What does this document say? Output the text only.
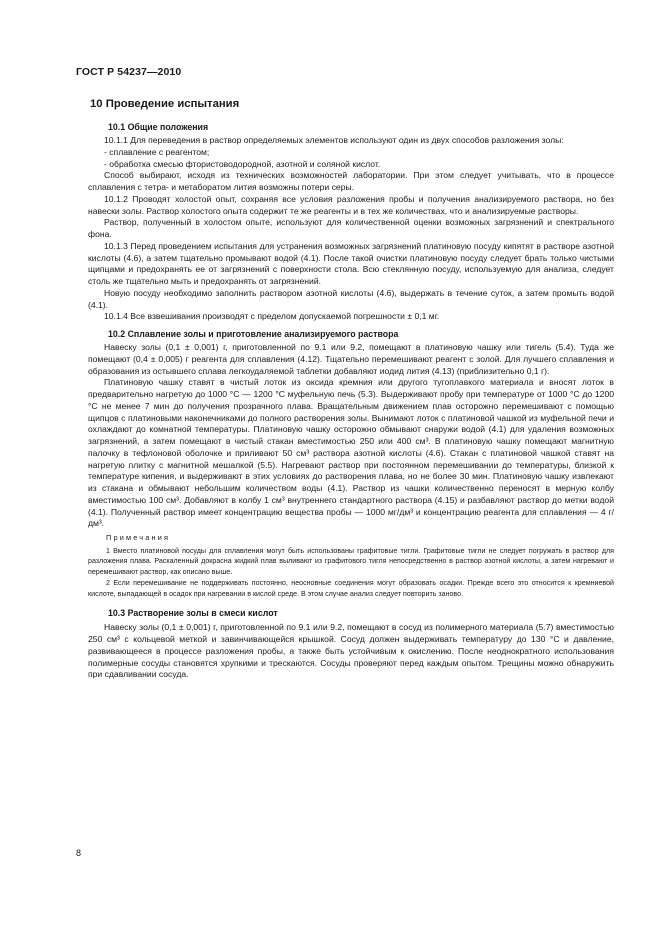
ГОСТ Р 54237—2010
10 Проведение испытания
10.1 Общие положения

10.1.1 Для переведения в раствор определяемых элементов используют один из двух способов разложения золы:

- сплавление с реагентом;

- обработка смесью фтористоводородной, азотной и соляной кислот.

Способ выбирают, исходя из технических возможностей лаборатории. При этом следует учитывать, что в процессе сплавления с тетра- и метаборатом лития возможны потери серы.

10.1.2 Проводят холостой опыт, сохраняя все условия разложения пробы и получения анализируемого раствора, но без навески золы. Раствор холостого опыта содержит те же реагенты и в тех же количествах, что и анализируемые растворы.

Раствор, полученный в холостом опыте, используют для количественной оценки возможных загрязнений и спектрального фона.

10.1.3 Перед проведением испытания для устранения возможных загрязнений платиновую посуду кипятят в растворе азотной кислоты (4.6), а затем тщательно промывают водой (4.1). После такой очистки платиновую посуду следует брать только чистыми щипцами и предохранять ее от загрязнений с поверхности стола. Всю стеклянную посуду, используемую для анализа, следует столь же тщательно мыть и предохранять от загрязнений.

Новую посуду необходимо заполнить раствором азотной кислоты (4.6), выдержать в течение суток, а затем промыть водой (4.1).

10.1.4 Все взвешивания производят с пределом допускаемой погрешности ± 0,1 мг.

10.2 Сплавление золы и приготовление анализируемого раствора

Навеску золы (0,1 ± 0,001) г, приготовленной по 9.1 или 9.2, помещают в платиновую чашку или тигель (5.4). Туда же помещают (0,4 ± 0,005) г реагента для сплавления (4.12). Тщательно перемешивают реагент с золой. Для лучшего сплавления и образования из остывшего сплава легкоудаляемой таблетки добавляют иодид лития (4.13) (приблизительно 0,1 г).

Платиновую чашку ставят в чистый лоток из оксида кремния или другого тугоплавкого материала и вносят лоток в предварительно нагретую до 1000 °С — 1200 °С муфельную печь (5.3). Выдерживают пробу при температуре от 1000 °С до 1200 °С не менее 7 мин до получения прозрачного плава. Вращательным движением плав осторожно перемешивают с помощью щипцов с платиновыми наконечниками до полного растворения золы. Вынимают лоток с платиновой чашкой из муфельной печи и охлаждают до комнатной температуры. Платиновую чашку осторожно обмывают снаружи водой (4.1) для удаления возможных загрязнений, а затем помещают в чистый стакан вместимостью 250 или 400 см³. В платиновую чашку помещают магнитную палочку в тефлоновой оболочке и приливают 50 см³ раствора азотной кислоты (4.6). Стакан с платиновой чашкой ставят на нагретую плитку с магнитной мешалкой (5.5). Нагревают раствор при постоянном перемешивании до температуры, близкой к температуре кипения, и выдерживают в этих условиях до растворения плава, но не более 30 мин. Платиновую чашку извлекают из стакана и обмывают небольшим количеством воды (4.1). Раствор из чашки количественно переносят в мерную колбу вместимостью 100 см³. Добавляют в колбу 1 см³ внутреннего стандартного раствора (4.15) и разбавляют раствор до метки водой (4.1). Полученный раствор имеет концентрацию вещества пробы — 1000 мг/дм³ и концентрацию реагента для сплавления — 4 г/дм³.

Примечания

1 Вместо платиновой посуды для сплавления могут быть использованы графитовые тигли. Графитовые тигли не следует погружать в раствор для разложения плава. Раскаленный докрасна жидкий плав выливают из графитового тигля непосредственно в раствор азотной кислоты, а затем нагревают и перемешивают раствор, как описано выше.

2 Если перемешивание не поддерживать постоянно, неосновные соединения могут образовать осадки. Прежде всего это относится к кремниевой кислоте, выпадающей в осадок при нагревании в кислой среде. В этом случае анализ следует повторить заново.

10.3 Растворение золы в смеси кислот

Навеску золы (0,1 ± 0,001) г, приготовленной по 9.1 или 9.2, помещают в сосуд из полимерного материала (5.7) вместимостью 250 см³ с кольцевой меткой и завинчивающейся крышкой. Сосуд должен выдерживать температуру до 130 °С и давление, развивающееся в процессе разложения пробы, а также быть устойчивым к окислению. После неоднократного использования полимерные сосуды становятся хрупкими и трескаются. Сосуды проверяют перед каждым опытом. Трещины можно обнаружить при сдавливании сосуда.

8
